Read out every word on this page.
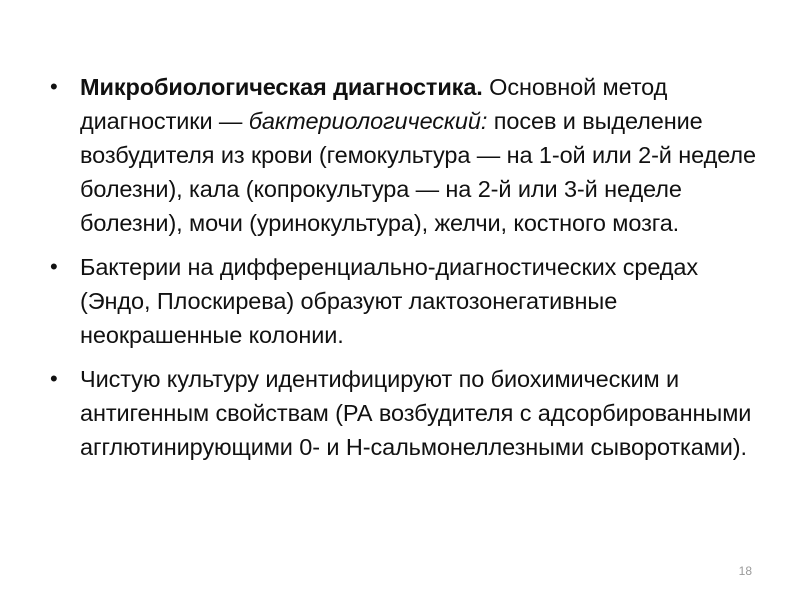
• Микробиологическая диагностика. Основной метод диагностики — бактериологический: посев и выделение возбудителя из крови (гемокультура — на 1-ой или 2-й неделе болезни), кала (копрокультура — на 2-й или 3-й неделе болезни), мочи (уринокультура), желчи, костного мозга.
• Бактерии на дифференциально-диагностических средах (Эндо, Плоскирева) образуют лактозонегативные неокрашенные колонии.
• Чистую культуру идентифицируют по биохимическим и антигенным свойствам (РА возбудителя с адсорбированными агглютинирующими 0- и Н-сальмонеллезными сыворотками).
18
